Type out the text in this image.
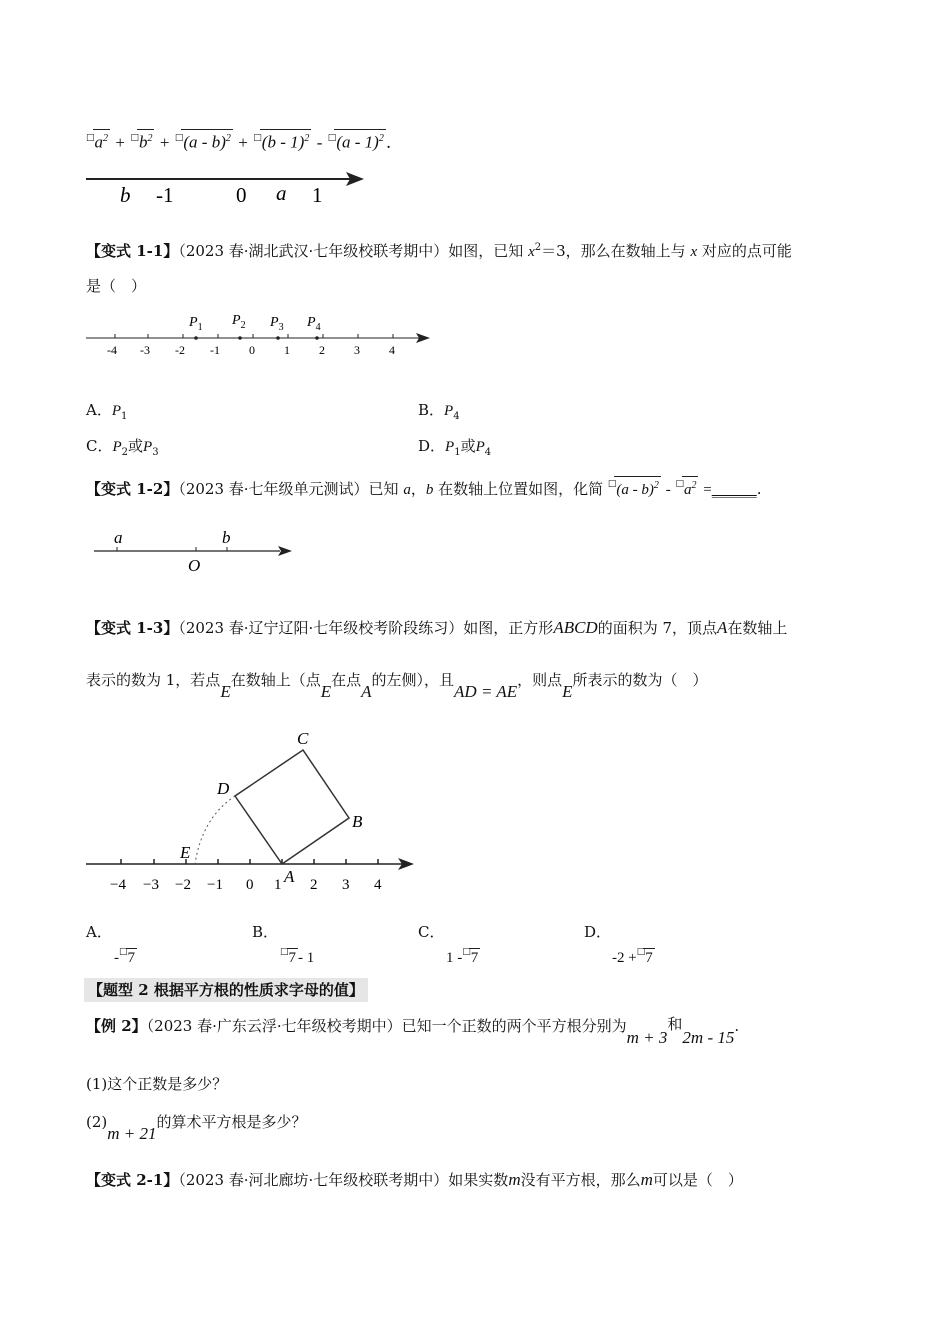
$^□a^2 + ^□b^2 + ^□(a - b)^2 + ^□(b - 1)^2 - ^□(a - 1)^2$ .
b -1	0 a 1
【变式 1-1】（2023 春·湖北武汉·七年级校联考期中）如图，已知 $x^2=3$，那么在数轴上与 x 对应的点可能
是（　）
-4 -3 -2 -1 0 1 2 3 4
$P_1$ $P_2$ $P_3$ $P_4$
A．$P_1$	B．$P_4$
C．$P_2$或$P_3$	D．$P_1$或$P_4$
【变式 1-2】（2023 春·七年级单元测试）已知 a，b 在数轴上位置如图，化简 $^□(a - b)^2 - ^□a^2$ =______.
a	b
O
【变式 1-3】（2023 春·辽宁辽阳·七年级校考阶段练习）如图，正方形ABCD的面积为 7，顶点A在数轴上
表示的数为 1，若点E在数轴上（点E在点A的左侧），且AD = AE，则点E所表示的数为（　）
−4 −3 −2 −1 0 1 2 3 4
C
D
B
E
A
A．
-□7
B．
□7 - 1
C．
1 -□7
D．
-2 +□7
【题型 2 根据平方根的性质求字母的值】
【例 2】（2023 春·广东云浮·七年级校考期中）已知一个正数的两个平方根分别为m + 3和2m - 15.
(1)这个正数是多少？
(2)m + 21的算术平方根是多少？
【变式 2-1】（2023 春·河北廊坊·七年级校联考期中）如果实数m没有平方根，那么m可以是（　）
